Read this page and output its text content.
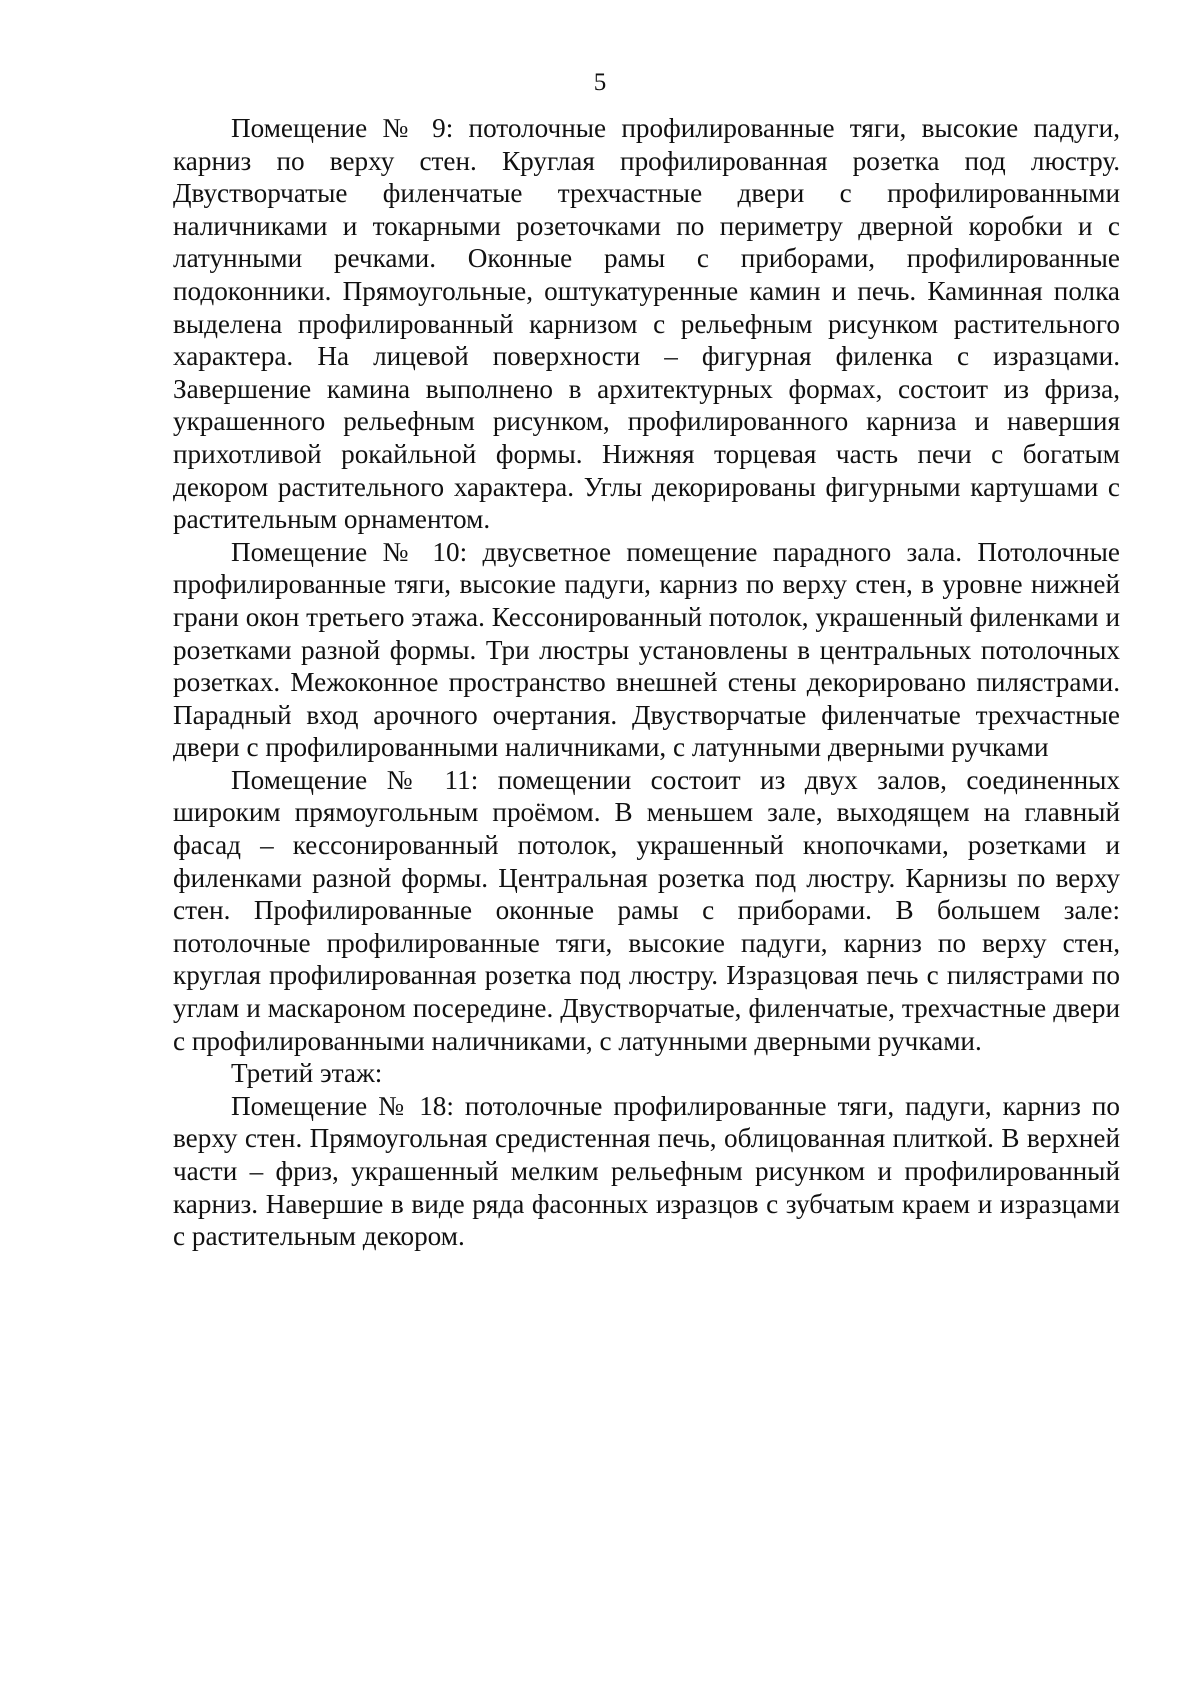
5

Помещение № 9: потолочные профилированные тяги, высокие падуги, карниз по верху стен. Круглая профилированная розетка под люстру. Двустворчатые филенчатые трехчастные двери с профилированными наличниками и токарными розеточками по периметру дверной коробки и с латунными речками. Оконные рамы с приборами, профилированные подоконники. Прямоугольные, оштукатуренные камин и печь. Каминная полка выделена профилированный карнизом с рельефным рисунком растительного характера. На лицевой поверхности – фигурная филенка с изразцами. Завершение камина выполнено в архитектурных формах, состоит из фриза, украшенного рельефным рисунком, профилированного карниза и навершия прихотливой рокайльной формы. Нижняя торцевая часть печи с богатым декором растительного характера. Углы декорированы фигурными картушами с растительным орнаментом.

Помещение № 10: двусветное помещение парадного зала. Потолочные профилированные тяги, высокие падуги, карниз по верху стен, в уровне нижней грани окон третьего этажа. Кессонированный потолок, украшенный филенками и розетками разной формы. Три люстры установлены в центральных потолочных розетках. Межоконное пространство внешней стены декорировано пилястрами. Парадный вход арочного очертания. Двустворчатые филенчатые трехчастные двери с профилированными наличниками, с латунными дверными ручками

Помещение № 11: помещении состоит из двух залов, соединенных широким прямоугольным проёмом. В меньшем зале, выходящем на главный фасад – кессонированный потолок, украшенный кнопочками, розетками и филенками разной формы. Центральная розетка под люстру. Карнизы по верху стен. Профилированные оконные рамы с приборами. В большем зале: потолочные профилированные тяги, высокие падуги, карниз по верху стен, круглая профилированная розетка под люстру. Изразцовая печь с пилястрами по углам и маскароном посередине. Двустворчатые, филенчатые, трехчастные двери с профилированными наличниками, с латунными дверными ручками.

Третий этаж:

Помещение № 18: потолочные профилированные тяги, падуги, карниз по верху стен. Прямоугольная средистенная печь, облицованная плиткой. В верхней части – фриз, украшенный мелким рельефным рисунком и профилированный карниз. Навершие в виде ряда фасонных изразцов с зубчатым краем и изразцами с растительным декором.
